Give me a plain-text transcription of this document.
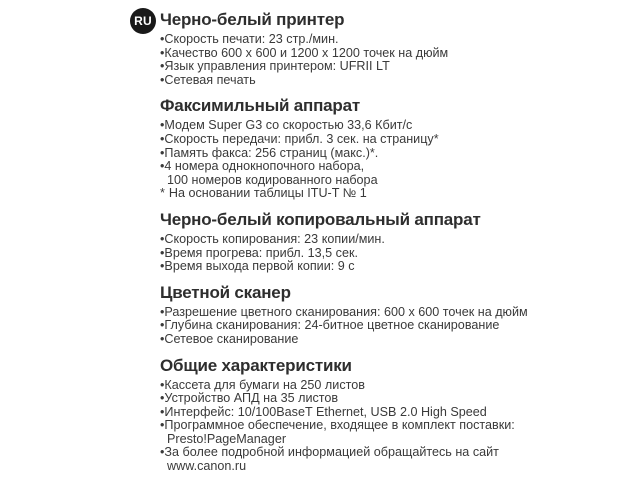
RU Черно-белый принтер
•Скорость печати: 23 стр./мин.
•Качество 600 x 600 и 1200 x 1200 точек на дюйм
•Язык управления принтером: UFRII LT
•Сетевая печать
Факсимильный аппарат
•Модем Super G3 со скоростью 33,6 Кбит/с
•Скорость передачи: прибл. 3 сек. на страницу*
•Память факса: 256 страниц (макс.)*.
•4 номера однокнопочного набора,
100 номеров кодированного набора
* На основании таблицы ITU-T № 1
Черно-белый копировальный аппарат
•Скорость копирования: 23 копии/мин.
•Время прогрева: прибл. 13,5 сек.
•Время выхода первой копии: 9 с
Цветной сканер
•Разрешение цветного сканирования: 600 x 600 точек на дюйм
•Глубина сканирования: 24-битное цветное сканирование
•Сетевое сканирование
Общие характеристики
•Кассета для бумаги на 250 листов
•Устройство АПД на 35 листов
•Интерфейс: 10/100BaseT Ethernet, USB 2.0 High Speed
•Программное обеспечение, входящее в комплект поставки:
Presto!PageManager
•За более подробной информацией обращайтесь на сайт
www.canon.ru
